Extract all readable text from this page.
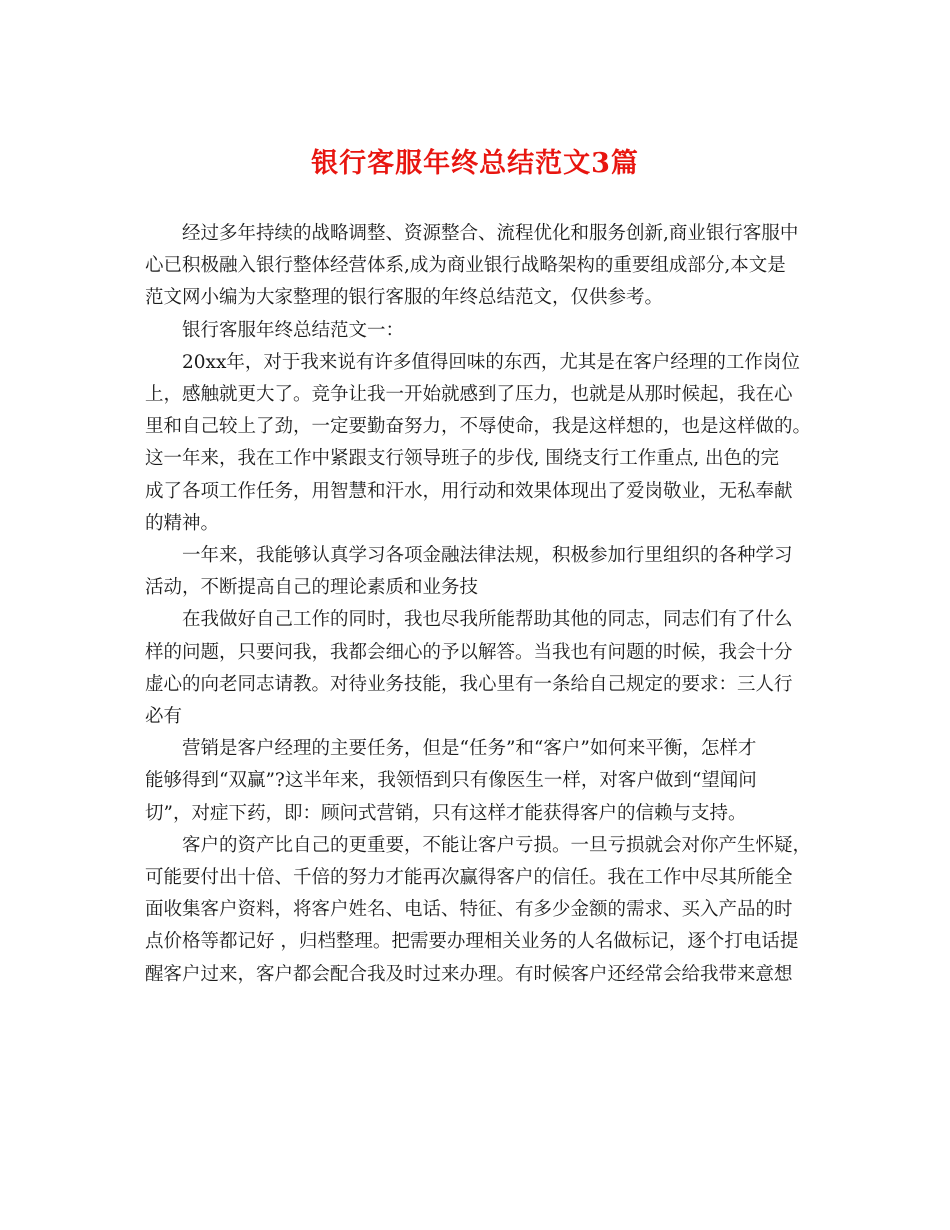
银行客服年终总结范文3篇

经过多年持续的战略调整、资源整合、流程优化和服务创新,商业银行客服中
心已积极融入银行整体经营体系,成为商业银行战略架构的重要组成部分,本文是
范文网小编为大家整理的银行客服的年终总结范文，仅供参考。

银行客服年终总结范文一：

20xx年，对于我来说有许多值得回味的东西，尤其是在客户经理的工作岗位
上，感触就更大了。竞争让我一开始就感到了压力，也就是从那时候起，我在心
里和自己较上了劲，一定要勤奋努力，不辱使命，我是这样想的，也是这样做的。
这一年来，我在工作中紧跟支行领导班子的步伐, 围绕支行工作重点, 出色的完
成了各项工作任务，用智慧和汗水，用行动和效果体现出了爱岗敬业，无私奉献
的精神。

一年来，我能够认真学习各项金融法律法规，积极参加行里组织的各种学习
活动，不断提高自己的理论素质和业务技

在我做好自己工作的同时，我也尽我所能帮助其他的同志，同志们有了什么
样的问题，只要问我，我都会细心的予以解答。当我也有问题的时候，我会十分
虚心的向老同志请教。对待业务技能，我心里有一条给自己规定的要求：三人行
必有

营销是客户经理的主要任务，但是“任务”和“客户”如何来平衡，怎样才
能够得到“双赢”?这半年来，我领悟到只有像医生一样，对客户做到“望闻问
切”，对症下药，即：顾问式营销，只有这样才能获得客户的信赖与支持。

客户的资产比自己的更重要，不能让客户亏损。一旦亏损就会对你产生怀疑，
可能要付出十倍、千倍的努力才能再次赢得客户的信任。我在工作中尽其所能全
面收集客户资料，将客户姓名、电话、特征、有多少金额的需求、买入产品的时
点价格等都记好 ，归档整理。把需要办理相关业务的人名做标记，逐个打电话提
醒客户过来，客户都会配合我及时过来办理。有时候客户还经常会给我带来意想
